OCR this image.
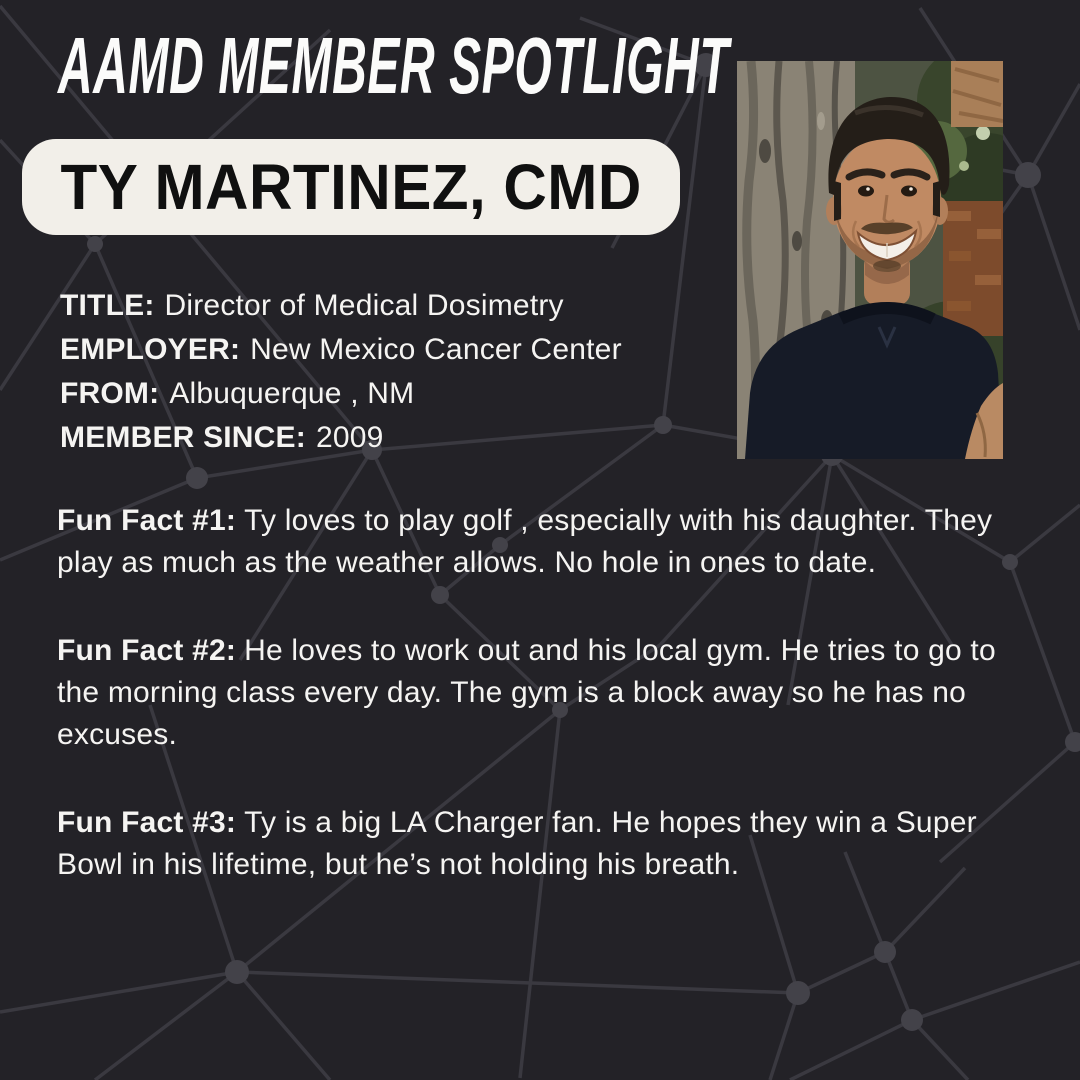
AAMD MEMBER SPOTLIGHT
TY MARTINEZ, CMD
TITLE: Director of Medical Dosimetry
EMPLOYER: New Mexico Cancer Center
FROM: Albuquerque , NM
MEMBER SINCE: 2009

Fun Fact #1: Ty loves to play golf , especially with his daughter. They play as much as the weather allows. No hole in ones to date.

Fun Fact #2: He loves to work out and his local gym. He tries to go to the morning class every day. The gym is a block away so he has no excuses.

Fun Fact #3: Ty is a big LA Charger fan. He hopes they win a Super Bowl in his lifetime, but he’s not holding his breath.
